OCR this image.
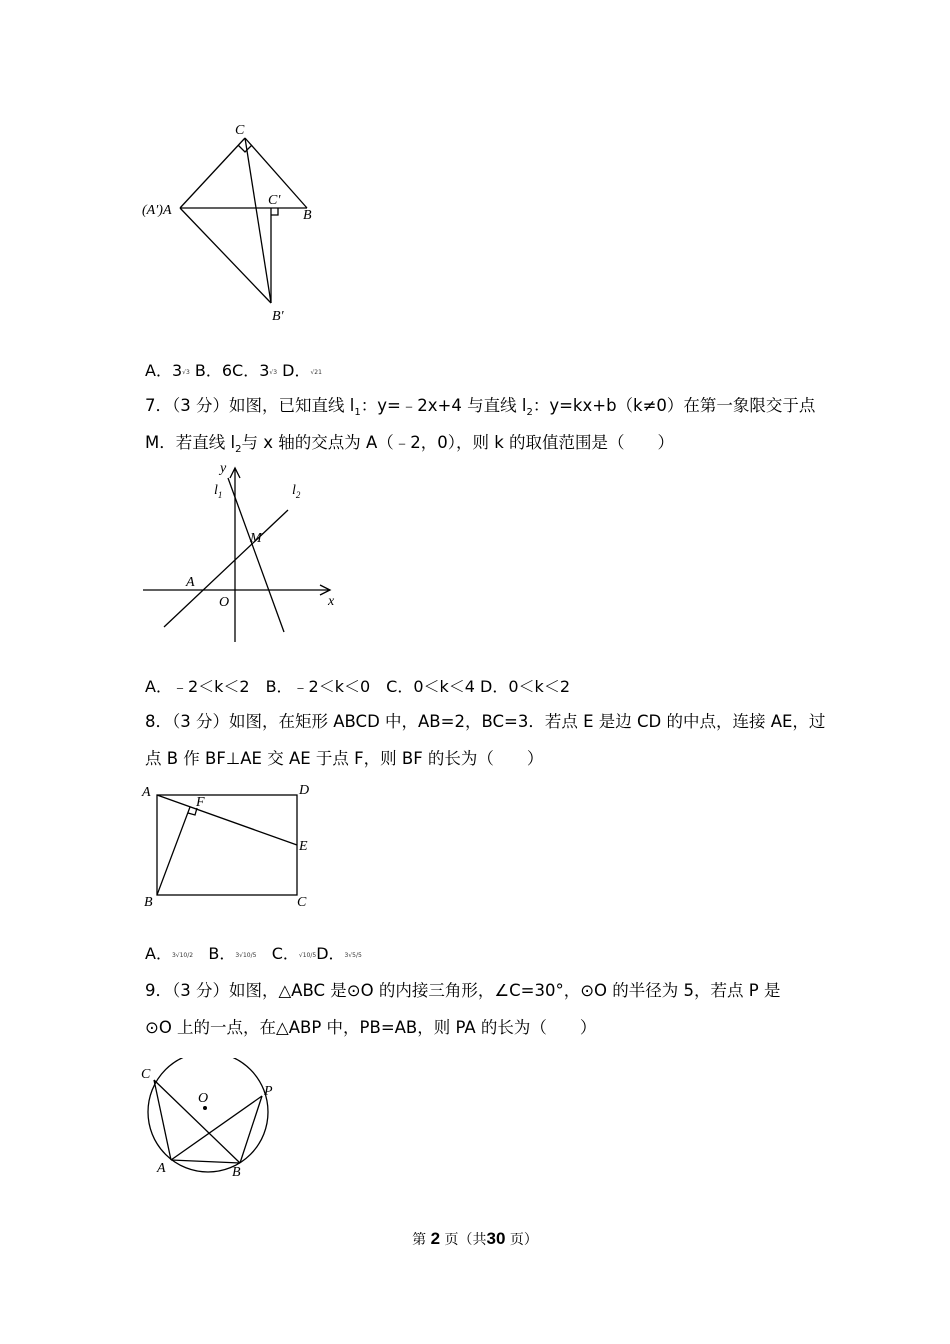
C
(A′)A
C′
B
B′
A．3√3 B．6C．3√3 D．√21
7．（3 分）如图，已知直线 $l_1$：y=﹣2x+4 与直线 $l_2$：y=kx+b（k≠0）在第一象限交于点
M．若直线 $l_2$与 x 轴的交点为 A（﹣2，0），则 k 的取值范围是（　　）
y
$l_1$	$l_2$
M
A
O	x
A．﹣2＜k＜2　B．﹣2＜k＜0　C．0＜k＜4 D．0＜k＜2
8．（3 分）如图，在矩形 ABCD 中，AB=2，BC=3．若点 E 是边 CD 的中点，连接 AE，过
点 B 作 BF⊥AE 交 AE 于点 F，则 BF 的长为（　　）
A
F
D
E
B	C
A．3√10/2 B．3√10/5 C．√10/5D．3√5/5
9．（3 分）如图，△ABC 是⊙O 的内接三角形，∠C=30°，⊙O 的半径为 5，若点 P 是
⊙O 上的一点，在△ABP 中，PB=AB，则 PA 的长为（　　）
C
O	P
A	B
第 2 页（共30 页）
